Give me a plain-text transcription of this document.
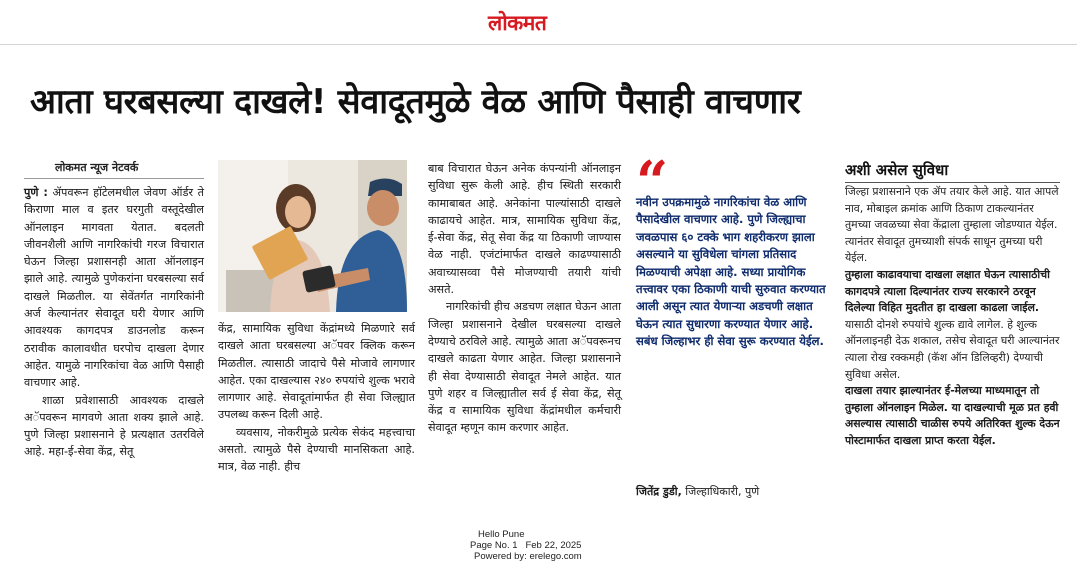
लोकमत
आता घरबसल्या दाखले! सेवादूतमुळे वेळ आणि पैसाही वाचणार
लोकमत न्यूज नेटवर्क

पुणे : ॲपवरून हॉटेलमधील जेवण ऑर्डर ते किराणा माल व इतर घरगुती वस्तूदेखील ऑनलाइन मागवता येतात. बदलती जीवनशैली आणि नागरिकांची गरज विचारात घेऊन जिल्हा प्रशासनही आता ऑनलाइन झाले आहे. त्यामुळे पुणेकरांना घरबसल्या सर्व दाखले मिळतील. या सेवेंतर्गत नागरिकांनी अर्ज केल्यानंतर सेवादूत घरी येणार आणि आवश्यक कागदपत्र डाउनलोड करून ठरावीक कालावधीत घरपोच दाखला देणार आहेत. यामुळे नागरिकांचा वेळ आणि पैसाही वाचणार आहे.

शाळा प्रवेशासाठी आवश्यक दाखले अॅपवरून मागवणे आता शक्य झाले आहे. पुणे जिल्हा प्रशासनाने हे प्रत्यक्षात उतरविले आहे. महा-ई-सेवा केंद्र, सेतू

केंद्र, सामायिक सुविधा केंद्रांमध्ये मिळणारे सर्व दाखले आता घरबसल्या अॅपवर क्लिक करून मिळतील. त्यासाठी जादाचे पैसे मोजावे लागणार आहेत. एका दाखल्यास २४० रुपयांचे शुल्क भरावे लागणार आहे. सेवादूतांमार्फत ही सेवा जिल्ह्यात उपलब्ध करून दिली आहे.

व्यवसाय, नोकरीमुळे प्रत्येक सेकंद महत्त्वाचा असतो. त्यामुळे पैसे देण्याची मानसिकता आहे. मात्र, वेळ नाही. हीच

बाब विचारात घेऊन अनेक कंपन्यांनी ऑनलाइन सुविधा सुरू केली आहे. हीच स्थिती सरकारी कामाबाबत आहे. अनेकांना पाल्यांसाठी दाखले काढायचे आहेत. मात्र, सामायिक सुविधा केंद्र, ई-सेवा केंद्र, सेतू सेवा केंद्र या ठिकाणी जाण्यास वेळ नाही. एजंटांमार्फत दाखले काढण्यासाठी अवाच्यासव्वा पैसे मोजण्याची तयारी यांची असते.

नागरिकांची हीच अडचण लक्षात घेऊन आता जिल्हा प्रशासनाने देखील घरबसल्या दाखले देण्याचे ठरविले आहे. त्यामुळे आता अॅपवरूनच दाखले काढता येणार आहेत. जिल्हा प्रशासनाने ही सेवा देण्यासाठी सेवादूत नेमले आहेत. यात पुणे शहर व जिल्ह्यातील सर्व ई सेवा केंद्र, सेतू केंद्र व सामायिक सुविधा केंद्रांमधील कर्मचारी सेवादूत म्हणून काम करणार आहेत.

“
नवीन उपक्रमामुळे नागरिकांचा वेळ आणि पैसादेखील वाचणार आहे. पुणे जिल्ह्याचा जवळपास ६० टक्के भाग शहरीकरण झाला असल्याने या सुविधेला चांगला प्रतिसाद मिळण्याची अपेक्षा आहे. सध्या प्रायोगिक तत्त्वावर एका ठिकाणी याची सुरुवात करण्यात आली असून त्यात येणाऱ्या अडचणी लक्षात घेऊन त्यात सुधारणा करण्यात येणार आहे. सबंध जिल्हाभर ही सेवा सुरू करण्यात येईल.
जितेंद्र डुडी, जिल्हाधिकारी, पुणे
अशी असेल सुविधा

जिल्हा प्रशासनाने एक ॲप तयार केले आहे. यात आपले नाव, मोबाइल क्रमांक आणि ठिकाण टाकल्यानंतर तुमच्या जवळच्या सेवा केंद्राला तुम्हाला जोडण्यात येईल. त्यानंतर सेवादूत तुमच्याशी संपर्क साधून तुमच्या घरी येईल.

तुम्हाला काढावयाचा दाखला लक्षात घेऊन त्यासाठीची कागदपत्रे त्याला दिल्यानंतर राज्य सरकारने ठरवून दिलेल्या विहित मुदतीत हा दाखला काढला जाईल.

यासाठी दोनशे रुपयांचे शुल्क द्यावे लागेल. हे शुल्क ऑनलाइनही देऊ शकाल, तसेच सेवादूत घरी आल्यानंतर त्याला रोख रक्कमही (कॅश ऑन डिलिव्हरी) देण्याची सुविधा असेल.

दाखला तयार झाल्यानंतर ई-मेलच्या माध्यमातून तो तुम्हाला ऑनलाइन मिळेल. या दाखल्याची मूळ प्रत हवी असल्यास त्यासाठी चाळीस रुपये अतिरिक्त शुल्क देऊन पोस्टामार्फत दाखला प्राप्त करता येईल.

Hello Pune
Page No. 1 Feb 22, 2025
Powered by: erelego.com
